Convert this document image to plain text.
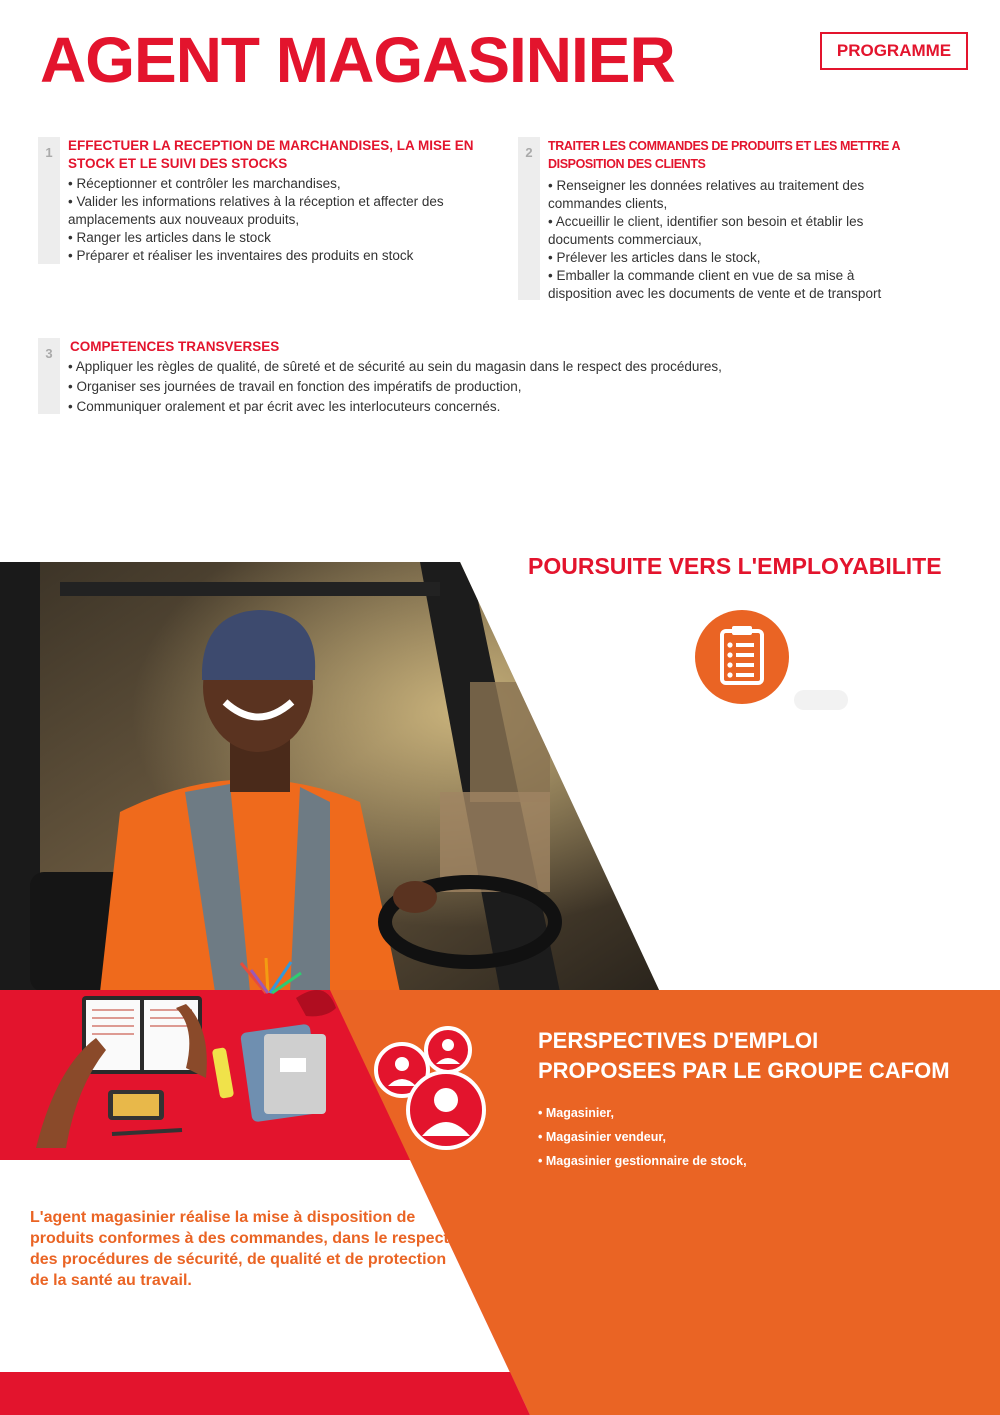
AGENT MAGASINIER	PROGRAMME
1	EFFECTUER LA RECEPTION DE MARCHANDISES, LA MISE EN
STOCK ET LE SUIVI DES STOCKS

• Réceptionner et contrôler les marchandises,
• Valider les informations relatives à la réception et affecter des
amplacements aux nouveaux produits,
• Ranger les articles dans le stock
• Préparer et réaliser les inventaires des produits en stock
2	TRAITER LES COMMANDES DE PRODUITS ET LES METTRE A
DISPOSITION DES CLIENTS

• Renseigner les données relatives au traitement des
commandes clients,
• Accueillir le client, identifier son besoin et établir les
documents commerciaux,
• Prélever les articles dans le stock,
• Emballer la commande client en vue de sa mise à
disposition avec les documents de vente et de transport
3	COMPETENCES TRANSVERSES

• Appliquer les règles de qualité, de sûreté et de sécurité au sein du magasin dans le respect des procédures,
• Organiser ses journées de travail en fonction des impératifs de production,
• Communiquer oralement et par écrit avec les interlocuteurs concernés.
POURSUITE VERS L'EMPLOYABILITE
PERSPECTIVES D'EMPLOI
PROPOSEES PAR LE GROUPE CAFOM
• Magasinier,
• Magasinier vendeur,
• Magasinier gestionnaire de stock,

L'agent magasinier réalise la mise à disposition de produits conformes à des commandes, dans le respect des procédures de sécurité, de qualité et de protection de la santé au travail.
